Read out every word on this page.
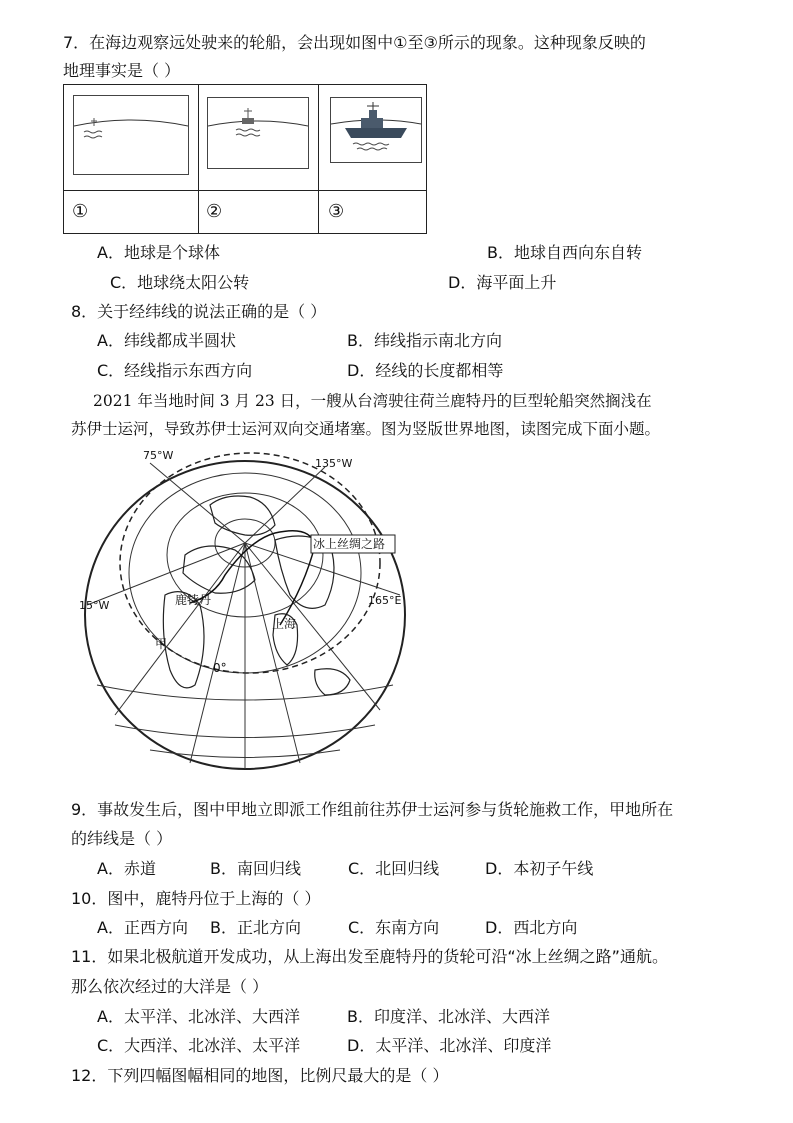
7．在海边观察远处驶来的轮船，会出现如图中①至③所示的现象。这种现象反映的
地理事实是（ ）
①	②	③
A．地球是个球体	B．地球自西向东自转
C．地球绕太阳公转	D．海平面上升
8．关于经纬线的说法正确的是（ ）
A．纬线都成半圆状	B．纬线指示南北方向
C．经线指示东西方向	D．经线的长度都相等
2021 年当地时间 3 月 23 日，一艘从台湾驶往荷兰鹿特丹的巨型轮船突然搁浅在
苏伊士运河，导致苏伊士运河双向交通堵塞。图为竖版世界地图，读图完成下面小题。
75°W
135°W
15°W	165°E
0°
冰上丝绸之路
鹿特丹
上海
甲
9．事故发生后，图中甲地立即派工作组前往苏伊士运河参与货轮施救工作，甲地所在
的纬线是（ ）
A．赤道	B．南回归线	C．北回归线	D．本初子午线
10．图中，鹿特丹位于上海的（ ）
A．正西方向 B．正北方向	C．东南方向	D．西北方向
11．如果北极航道开发成功，从上海出发至鹿特丹的货轮可沿“冰上丝绸之路”通航。
那么依次经过的大洋是（ ）
A．太平洋、北冰洋、大西洋	B．印度洋、北冰洋、大西洋
C．大西洋、北冰洋、太平洋	D．太平洋、北冰洋、印度洋
12．下列四幅图幅相同的地图，比例尺最大的是（ ）
